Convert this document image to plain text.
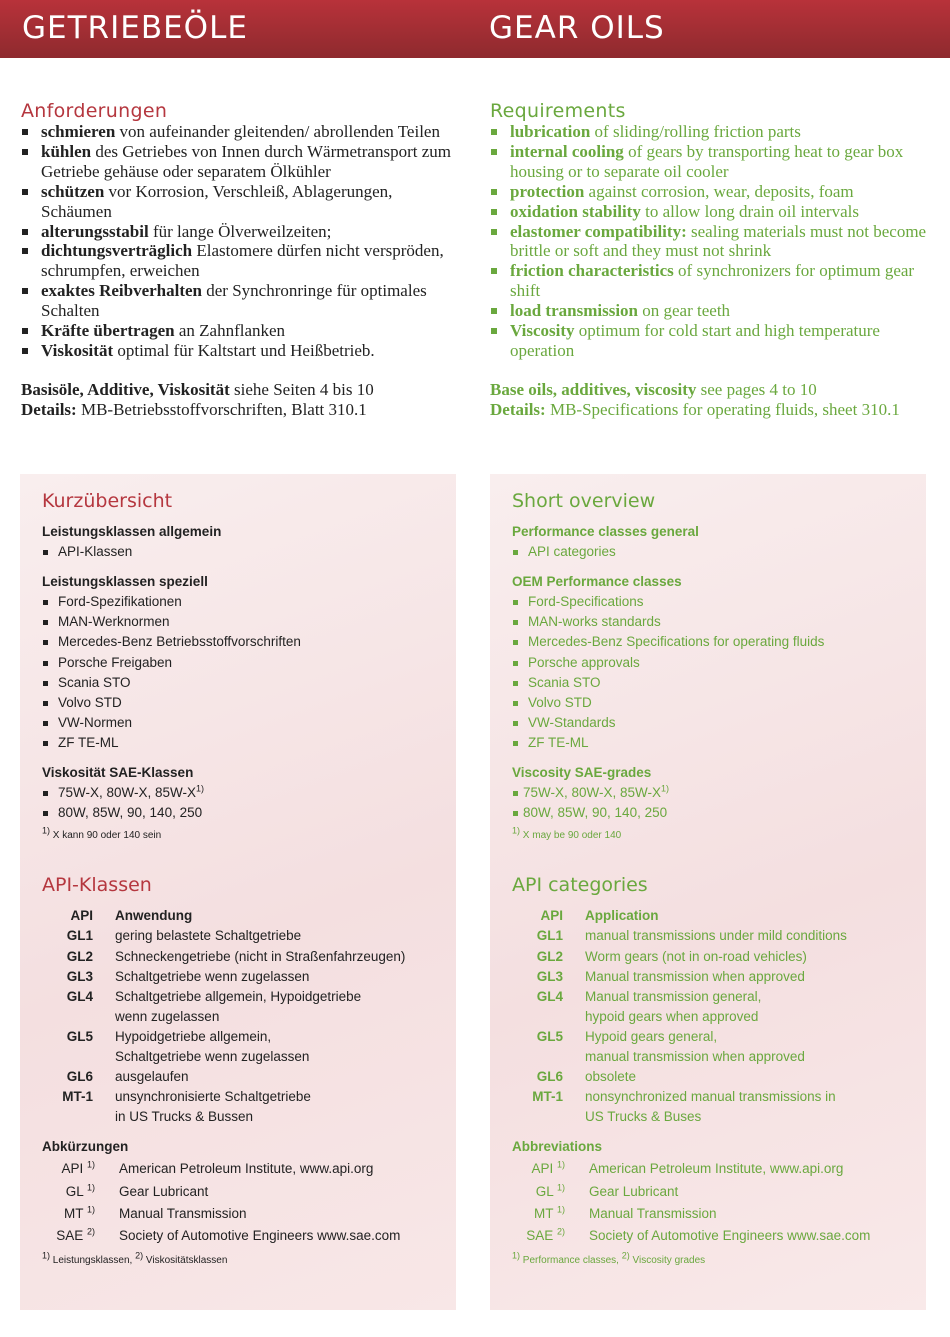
GETRIEBEÖLE	GEAR OILS
Anforderungen
schmieren von aufeinander gleitenden/ abrollenden Teilen
kühlen des Getriebes von Innen durch Wärmetransport zum Getriebe gehäuse oder separatem Ölkühler
schützen vor Korrosion, Verschleiß, Ablagerungen, Schäumen
alterungsstabil für lange Ölverweilzeiten;
dichtungsverträglich Elastomere dürfen nicht verspröden, schrumpfen, erweichen
exaktes Reibverhalten der Synchronringe für optimales Schalten
Kräfte übertragen an Zahnflanken
Viskosität optimal für Kaltstart und Heißbetrieb.
Basisöle, Additive, Viskosität siehe Seiten 4 bis 10
Details: MB-Betriebsstoffvorschriften, Blatt 310.1
Requirements
lubrication of sliding/rolling friction parts
internal cooling of gears by transporting heat to gear box housing or to separate oil cooler
protection against corrosion, wear, deposits, foam
oxidation stability to allow long drain oil intervals
elastomer compatibility: sealing materials must not become brittle or soft and they must not shrink
friction characteristics of synchronizers for optimum gear shift
load transmission on gear teeth
Viscosity optimum for cold start and high temperature operation
Base oils, additives, viscosity see pages 4 to 10
Details: MB-Specifications for operating fluids, sheet 310.1
Kurzübersicht
Leistungsklassen allgemein
API-Klassen
Leistungsklassen speziell
Ford-Spezifikationen
MAN-Werknormen
Mercedes-Benz Betriebsstoffvorschriften
Porsche Freigaben
Scania STO
Volvo STD
VW-Normen
ZF TE-ML
Viskosität SAE-Klassen
75W-X, 80W-X, $85W-X^{1)}$
80W, 85W, 90, 140, 250
$^{1)}$ X kann 90 oder 140 sein
API-Klassen
API	Anwendung
GL1	gering belastete Schaltgetriebe
GL2	Schneckengetriebe (nicht in Straßenfahrzeugen)
GL3	Schaltgetriebe wenn zugelassen
GL4	Schaltgetriebe allgemein, Hypoidgetriebe
wenn zugelassen

GL5	Hypoidgetriebe allgemein,
Schaltgetriebe wenn zugelassen

GL6	ausgelaufen
MT-1	unsynchronisierte Schaltgetriebe
in US Trucks & Bussen
Abkürzungen
API $^{1)}$	American Petroleum Institute, www.api.org
GL $^{1)}$	Gear Lubricant
MT $^{1)}$	Manual Transmission
SAE $^{2)}$	Society of Automotive Engineers www.sae.com
$^{1)}$ Leistungsklassen, $^{2)}$ Viskositätsklassen
Short overview
Performance classes general
API categories
OEM Performance classes
Ford-Specifications
MAN-works standards
Mercedes-Benz Specifications for operating fluids
Porsche approvals
Scania STO
Volvo STD
VW-Standards
ZF TE-ML
Viscosity SAE-grades
75W-X, 80W-X, $85W-X^{1)}$
80W, 85W, 90, 140, 250
$^{1)}$ X may be 90 oder 140
API categories
API	Application
GL1	manual transmissions under mild conditions
GL2	Worm gears (not in on-road vehicles)
GL3	Manual transmission when approved
GL4	Manual transmission general,
hypoid gears when approved

GL5	Hypoid gears general,
manual transmission when approved

GL6	obsolete
MT-1	nonsynchronized manual transmissions in
US Trucks & Buses
Abbreviations
API $^{1)}$	American Petroleum Institute, www.api.org
GL $^{1)}$	Gear Lubricant
MT $^{1)}$	Manual Transmission
SAE $^{2)}$	Society of Automotive Engineers www.sae.com
$^{1)}$ Performance classes, $^{2)}$ Viscosity grades
